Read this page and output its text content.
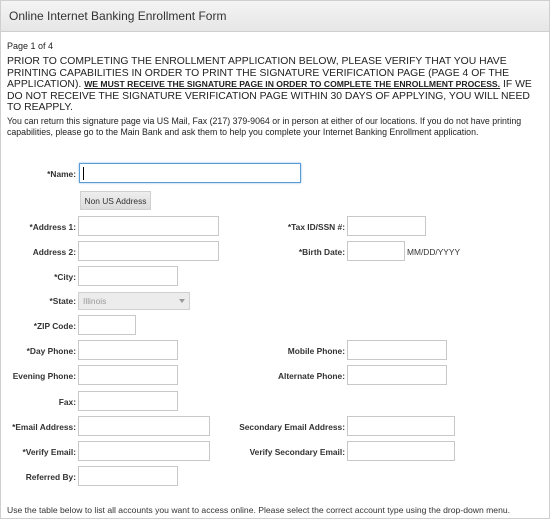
Online Internet Banking Enrollment Form
Page 1 of 4
PRIOR TO COMPLETING THE ENROLLMENT APPLICATION BELOW, PLEASE VERIFY THAT YOU HAVE PRINTING CAPABILITIES IN ORDER TO PRINT THE SIGNATURE VERIFICATION PAGE (PAGE 4 OF THE APPLICATION). WE MUST RECEIVE THE SIGNATURE PAGE IN ORDER TO COMPLETE THE ENROLLMENT PROCESS. IF WE DO NOT RECEIVE THE SIGNATURE VERIFICATION PAGE WITHIN 30 DAYS OF APPLYING, YOU WILL NEED TO REAPPLY.
You can return this signature page via US Mail, Fax (217) 379-9064 or in person at either of our locations. If you do not have printing capabilities, please go to the Main Bank and ask them to help you complete your Internet Banking Enrollment application.
*Name:
Non US Address
*Address 1:
Address 2:
*City:
*State: Illinois
*ZIP Code:
*Day Phone:
Evening Phone:
Fax:
*Email Address:
*Verify Email:
Referred By:
*Tax ID/SSN #:
*Birth Date:	MM/DD/YYYY
Mobile Phone:
Alternate Phone:
Secondary Email Address:
Verify Secondary Email:
Use the table below to list all accounts you want to access online. Please select the correct account type using the drop-down menu.
